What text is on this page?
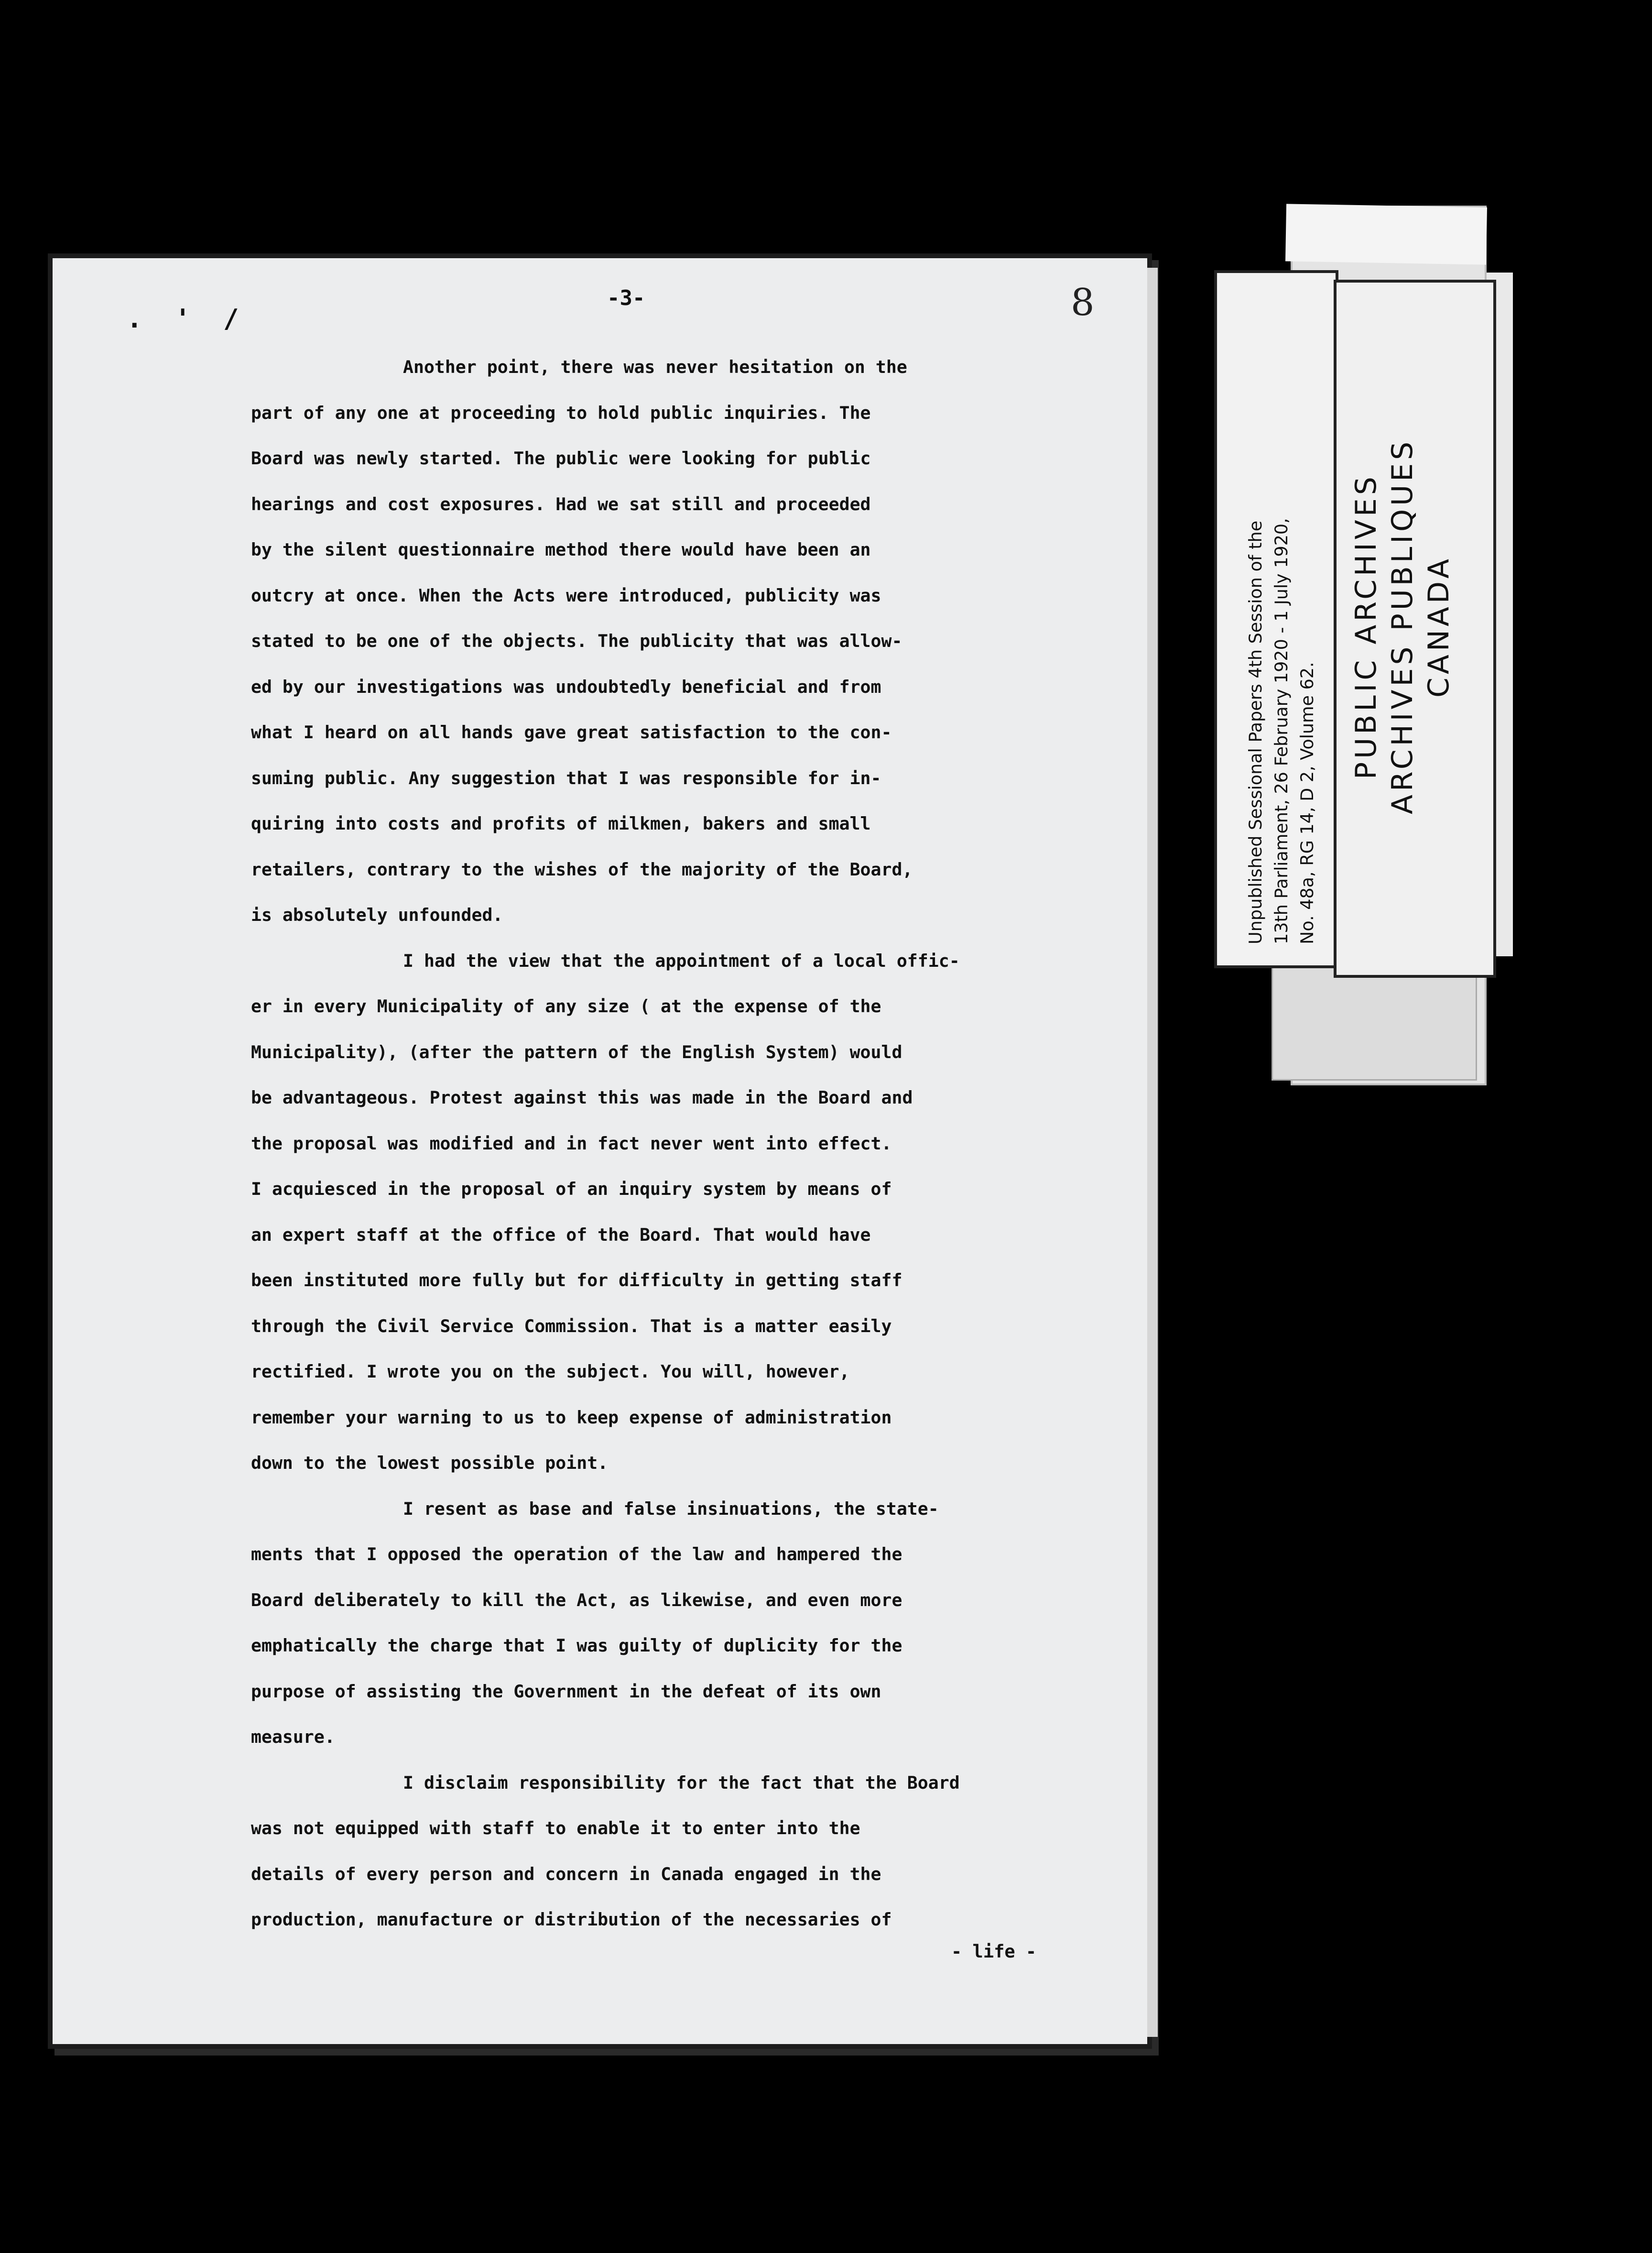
-3-	8
. ' /
Another point, there was never hesitation on the
part of any one at proceeding to hold public inquiries. The
Board was newly started. The public were looking for public
hearings and cost exposures. Had we sat still and proceeded
by the silent questionnaire method there would have been an
outcry at once. When the Acts were introduced, publicity was
stated to be one of the objects. The publicity that was allow-
ed by our investigations was undoubtedly beneficial and from
what I heard on all hands gave great satisfaction to the con-
suming public. Any suggestion that I was responsible for in-
quiring into costs and profits of milkmen, bakers and small
retailers, contrary to the wishes of the majority of the Board,
is absolutely unfounded.
I had the view that the appointment of a local offic-
er in every Municipality of any size ( at the expense of the
Municipality), (after the pattern of the English System) would
be advantageous. Protest against this was made in the Board and
the proposal was modified and in fact never went into effect.
I acquiesced in the proposal of an inquiry system by means of
an expert staff at the office of the Board. That would have
been instituted more fully but for difficulty in getting staff
through the Civil Service Commission. That is a matter easily
rectified. I wrote you on the subject. You will, however,
remember your warning to us to keep expense of administration
down to the lowest possible point.
I resent as base and false insinuations, the state-
ments that I opposed the operation of the law and hampered the
Board deliberately to kill the Act, as likewise, and even more
emphatically the charge that I was guilty of duplicity for the
purpose of assisting the Government in the defeat of its own
measure.
I disclaim responsibility for the fact that the Board
was not equipped with staff to enable it to enter into the
details of every person and concern in Canada engaged in the
production, manufacture or distribution of the necessaries of
- life -
Unpublished Sessional Papers 4th Session of the 13th Parliament, 26 February 1920 - 1 July 1920, No. 48a, RG 14, D 2, Volume 62.
PUBLIC ARCHIVES ARCHIVES PUBLIQUES CANADA
